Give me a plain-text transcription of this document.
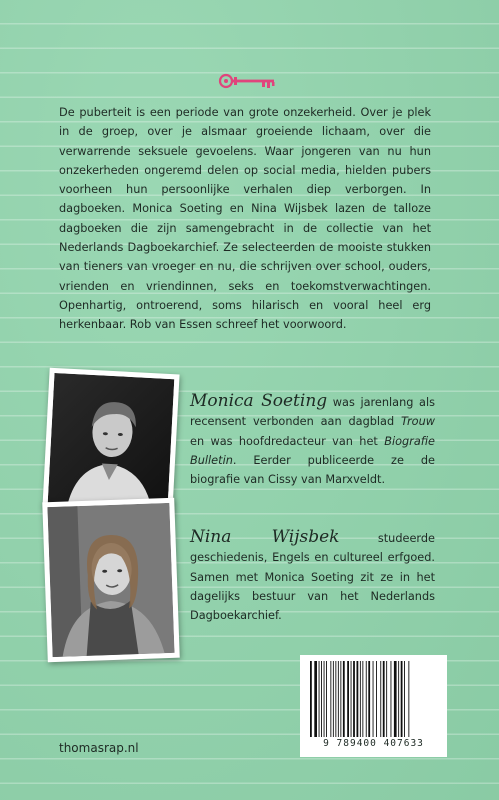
De puberteit is een periode van grote onzekerheid. Over je plek in de groep, over je alsmaar groeiende lichaam, over die verwarrende seksuele gevoelens. Waar jongeren van nu hun onzekerheden ongeremd delen op social media, hielden pubers voorheen hun persoonlijke verhalen diep verborgen. In dagboeken. Monica Soeting en Nina Wijsbek lazen de talloze dagboeken die zijn samengebracht in de collectie van het Nederlands Dagboekarchief. Ze selecteerden de mooiste stukken van tieners van vroeger en nu, die schrijven over school, ouders, vrienden en vriendinnen, seks en toekomstverwachtingen. Openhartig, ontroerend, soms hilarisch en vooral heel erg herkenbaar. Rob van Essen schreef het voorwoord.

Monica Soeting was jarenlang als recensent verbonden aan dagblad Trouw en was hoofdredacteur van het Biografie Bulletin. Eerder publiceerde ze de biografie van Cissy van Marxveldt.

Nina Wijsbek studeerde geschiedenis, Engels en cultureel erfgoed. Samen met Monica Soeting zit ze in het dagelijks bestuur van het Nederlands Dagboekarchief.

9 789400 407633
thomasrap.nl
